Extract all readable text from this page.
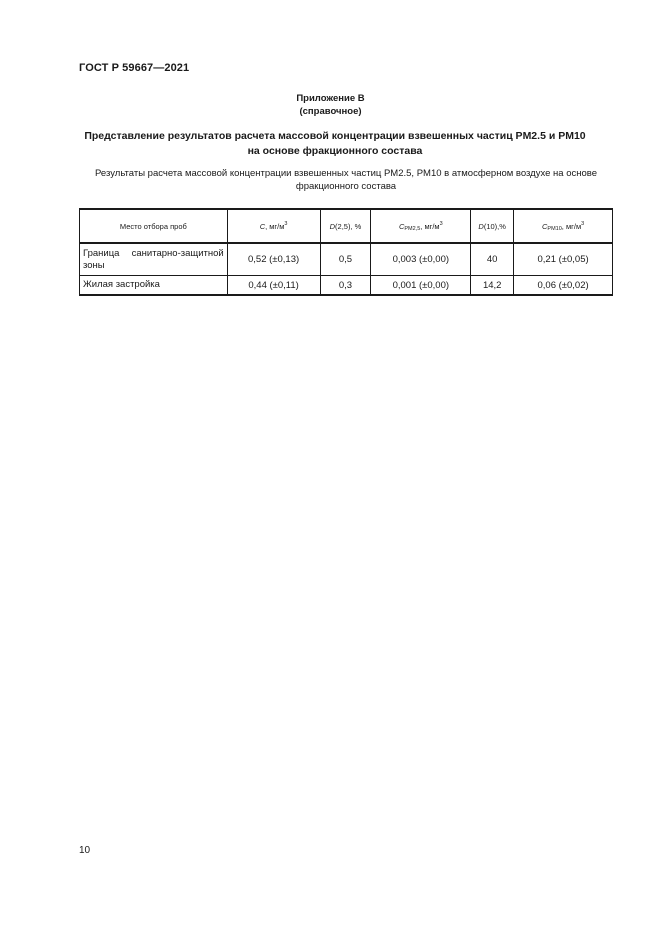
ГОСТ Р 59667—2021
Приложение В
(справочное)
Представление результатов расчета массовой концентрации взвешенных частиц PM2.5 и PM10
на основе фракционного состава
Результаты расчета массовой концентрации взвешенных частиц PM2.5, PM10 в атмосферном воздухе на основе
фракционного состава
Место отбора проб	C, $мг/м^3$	D(2,5), %	CPM2,5, $мг/м^3$	D(10),%	CPM10, $мг/м^3$
Граница санитарно-защитной зоны	0,52 (±0,13)	0,5	0,003 (±0,00)	40	0,21 (±0,05)
Жилая застройка	0,44 (±0,11)	0,3	0,001 (±0,00)	14,2	0,06 (±0,02)
10
